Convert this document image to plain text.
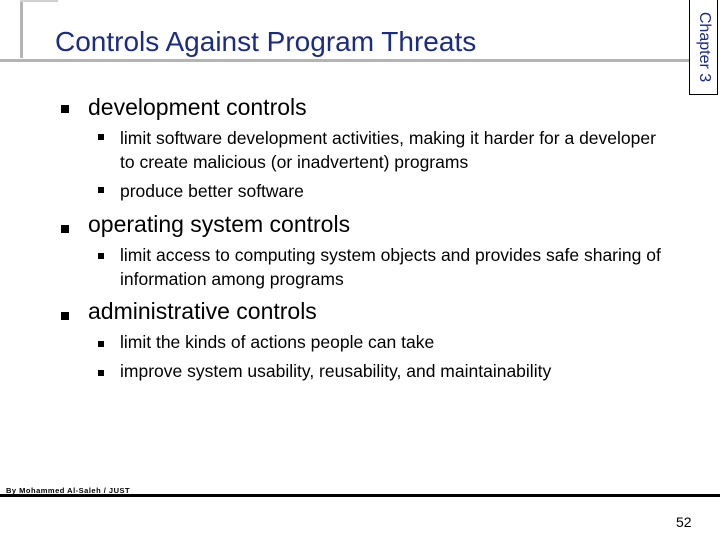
Controls Against Program Threats	Chapter 3
development controls
limit software development activities, making it harder for a developer to create malicious (or inadvertent) programs
produce better software
operating system controls
limit access to computing system objects and provides safe sharing of information among programs
administrative controls
limit the kinds of actions people can take
improve system usability, reusability, and maintainability
By Mohammed Al-Saleh / JUST
52
